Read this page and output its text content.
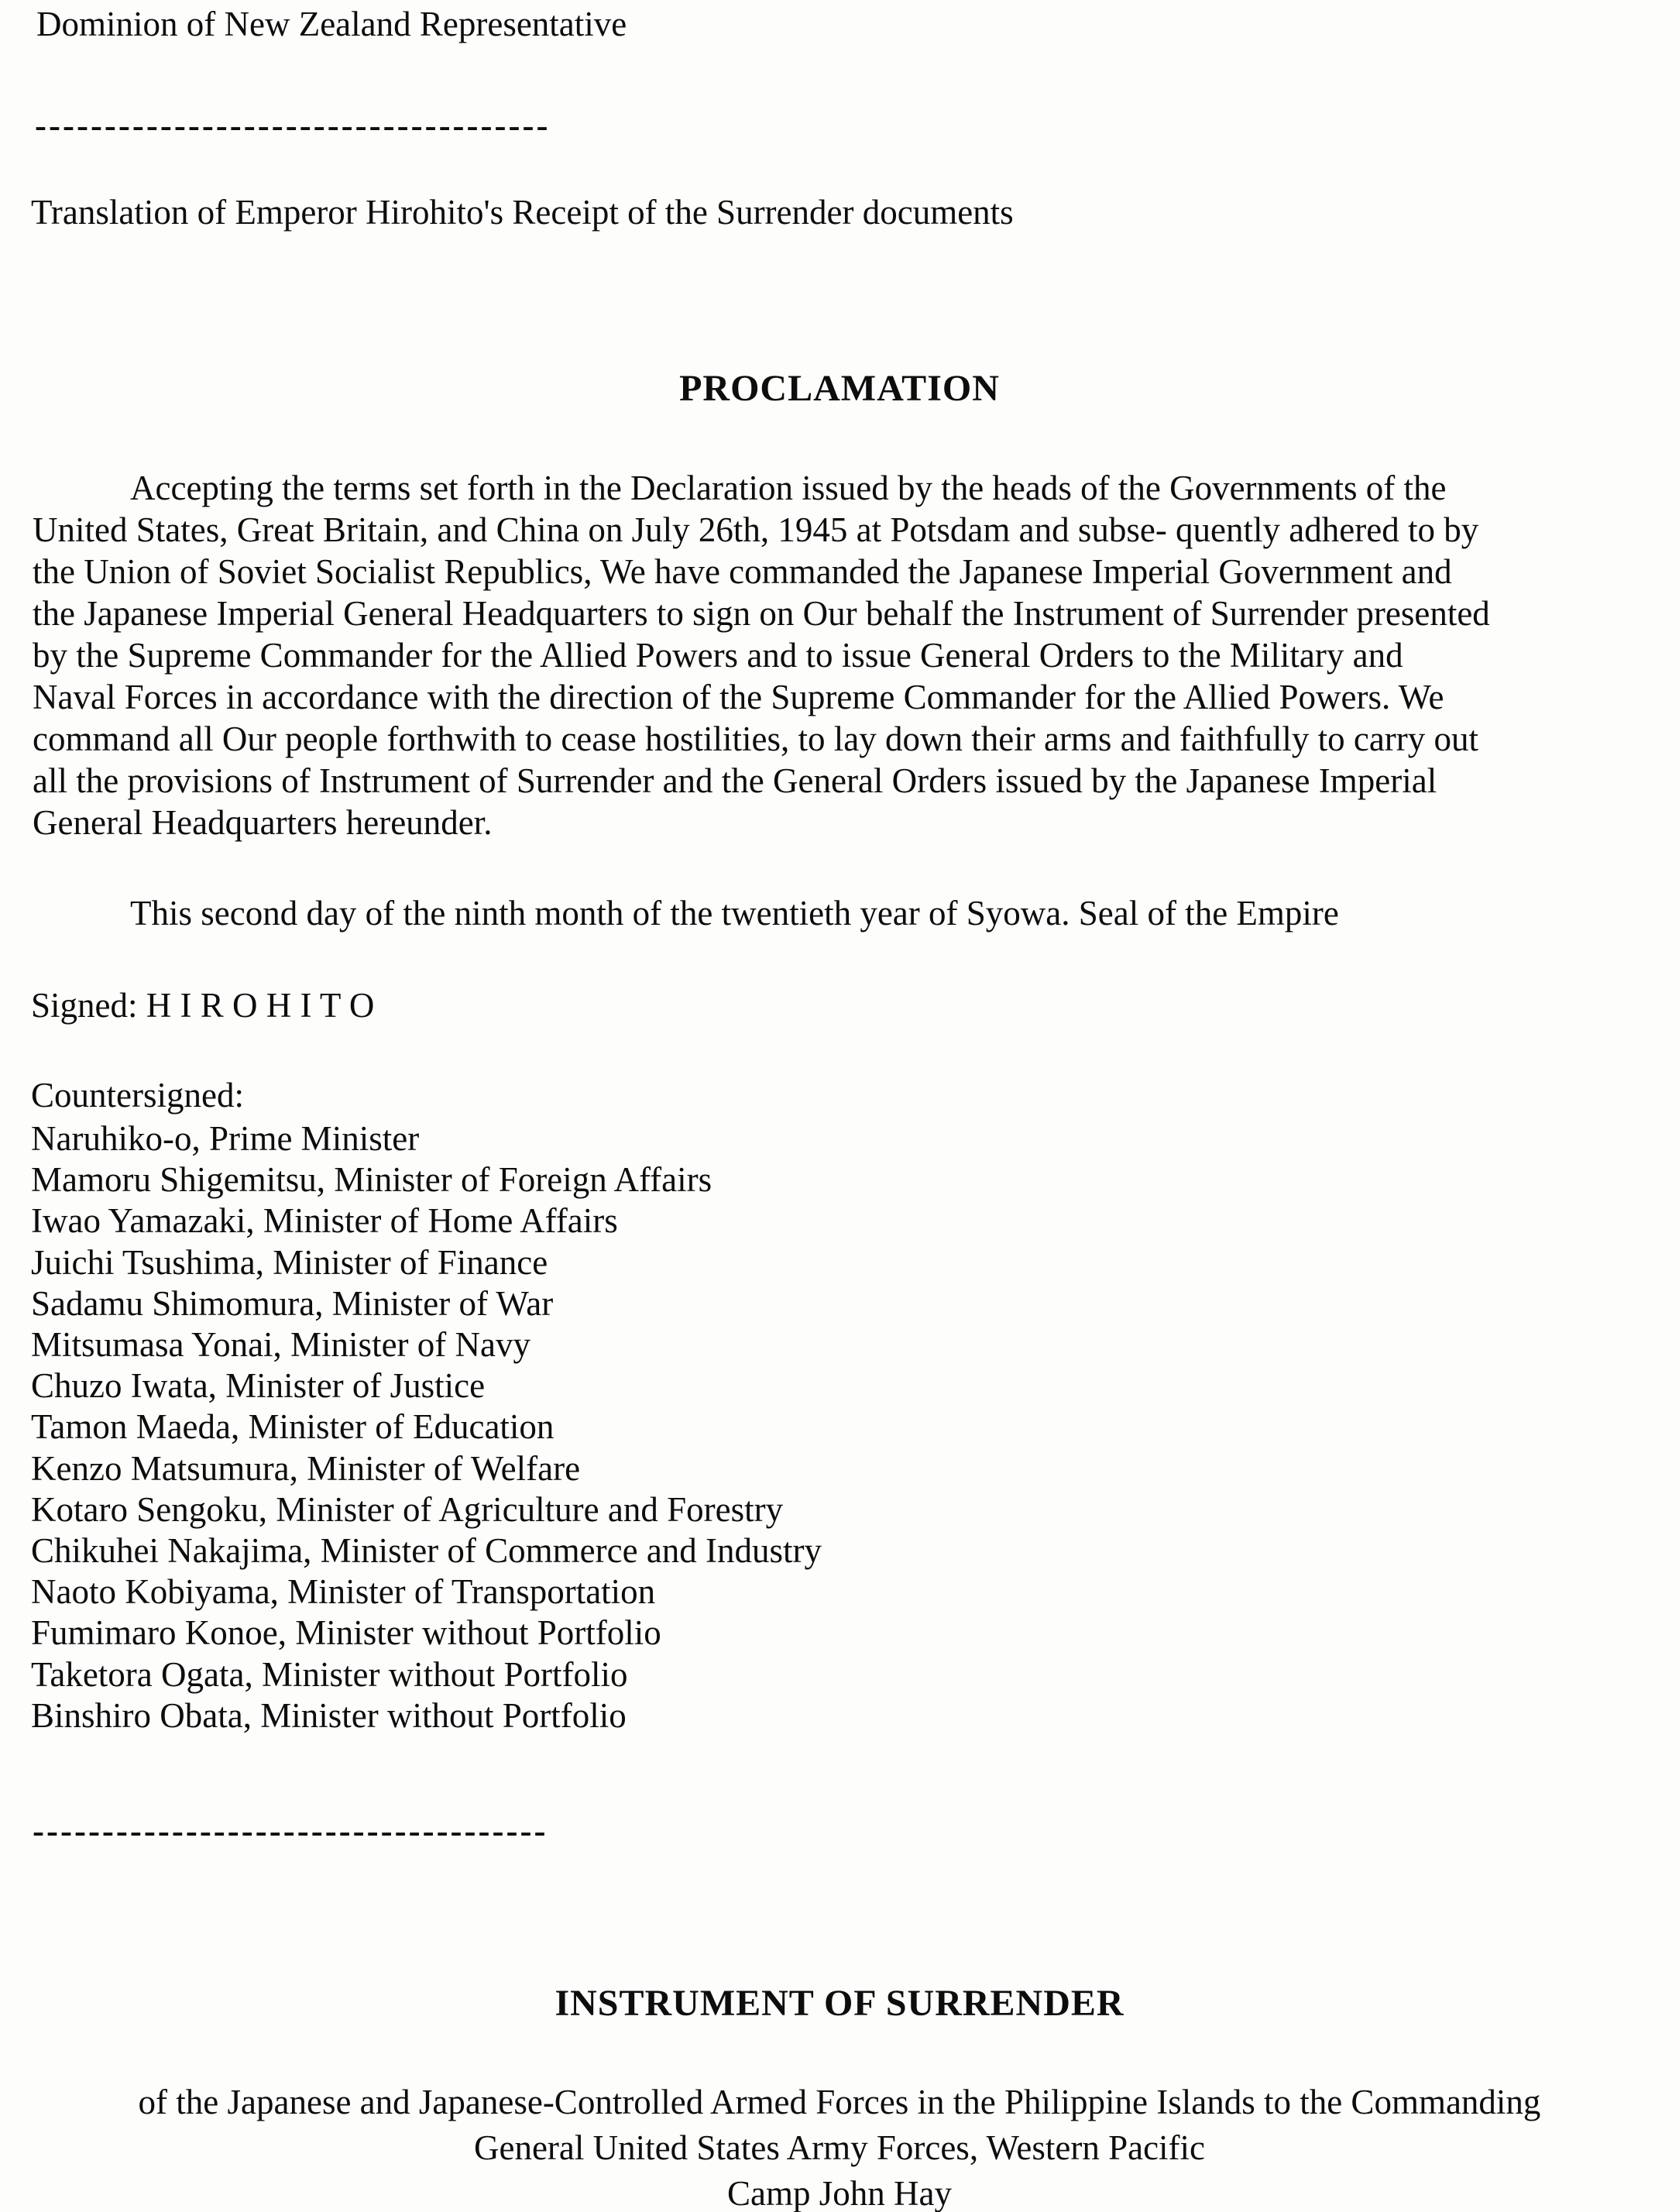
Dominion of New Zealand Representative
-------------------------------------
Translation of Emperor Hirohito's Receipt of the Surrender documents
PROCLAMATION
Accepting the terms set forth in the Declaration issued by the heads of the Governments of the
United States, Great Britain, and China on July 26th, 1945 at Potsdam and subse- quently adhered to by
the Union of Soviet Socialist Republics, We have commanded the Japanese Imperial Government and
the Japanese Imperial General Headquarters to sign on Our behalf the Instrument of Surrender presented
by the Supreme Commander for the Allied Powers and to issue General Orders to the Military and
Naval Forces in accordance with the direction of the Supreme Commander for the Allied Powers. We
command all Our people forthwith to cease hostilities, to lay down their arms and faithfully to carry out
all the provisions of Instrument of Surrender and the General Orders issued by the Japanese Imperial
General Headquarters hereunder.
This second day of the ninth month of the twentieth year of Syowa. Seal of the Empire
Signed: H I R O H I T O
Countersigned:
Naruhiko-o, Prime Minister
Mamoru Shigemitsu, Minister of Foreign Affairs
Iwao Yamazaki, Minister of Home Affairs
Juichi Tsushima, Minister of Finance
Sadamu Shimomura, Minister of War
Mitsumasa Yonai, Minister of Navy
Chuzo Iwata, Minister of Justice
Tamon Maeda, Minister of Education
Kenzo Matsumura, Minister of Welfare
Kotaro Sengoku, Minister of Agriculture and Forestry
Chikuhei Nakajima, Minister of Commerce and Industry
Naoto Kobiyama, Minister of Transportation
Fumimaro Konoe, Minister without Portfolio
Taketora Ogata, Minister without Portfolio
Binshiro Obata, Minister without Portfolio
-------------------------------------
INSTRUMENT OF SURRENDER
of the Japanese and Japanese-Controlled Armed Forces in the Philippine Islands to the Commanding
General United States Army Forces, Western Pacific
Camp John Hay
